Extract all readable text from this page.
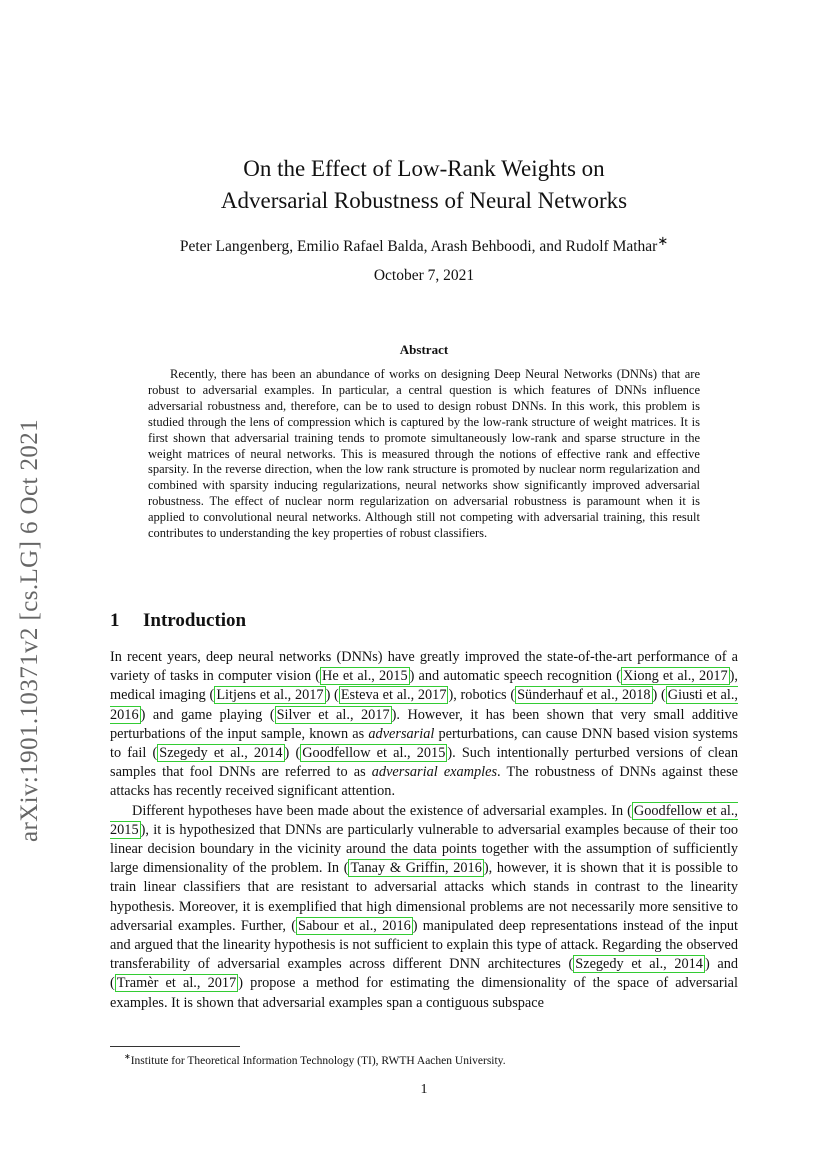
arXiv:1901.10371v2 [cs.LG] 6 Oct 2021
On the Effect of Low-Rank Weights on
Adversarial Robustness of Neural Networks
Peter Langenberg, Emilio Rafael Balda, Arash Behboodi, and Rudolf Mathar∗
October 7, 2021
Abstract
Recently, there has been an abundance of works on designing Deep Neural Networks (DNNs) that are robust to adversarial examples. In particular, a central question is which features of DNNs influence adversarial robustness and, therefore, can be to used to design robust DNNs. In this work, this problem is studied through the lens of compression which is captured by the low-rank structure of weight matrices. It is first shown that adversarial training tends to promote simultaneously low-rank and sparse structure in the weight matrices of neural networks. This is measured through the notions of effective rank and effective sparsity. In the reverse direction, when the low rank structure is promoted by nuclear norm regularization and combined with sparsity inducing regularizations, neural networks show significantly improved adversarial robustness. The effect of nuclear norm regularization on adversarial robustness is paramount when it is applied to convolutional neural networks. Although still not competing with adversarial training, this result contributes to understanding the key properties of robust classifiers.
1 Introduction

In recent years, deep neural networks (DNNs) have greatly improved the state-of-the-art performance of a variety of tasks in computer vision ( He et al., 2015 ) and automatic speech recognition ( Xiong et al., 2017 ), medical imaging ( Litjens et al., 2017 ) ( Esteva et al., 2017 ), robotics ( Sünderhauf et al., 2018 ) ( Giusti et al., 2016 ) and game playing ( Silver et al., 2017 ). However, it has been shown that very small additive perturbations of the input sample, known as adversarial perturbations, can cause DNN based vision systems to fail ( Szegedy et al., 2014 ) ( Goodfellow et al., 2015 ). Such intentionally perturbed versions of clean samples that fool DNNs are referred to as adversarial examples. The robustness of DNNs against these attacks has recently received significant attention.

Different hypotheses have been made about the existence of adversarial examples. In ( Goodfellow et al., 2015 ), it is hypothesized that DNNs are particularly vulnerable to adversarial examples because of their too linear decision boundary in the vicinity around the data points together with the assumption of sufficiently large dimensionality of the problem. In ( Tanay & Griffin, 2016 ), however, it is shown that it is possible to train linear classifiers that are resistant to adversarial attacks which stands in contrast to the linearity hypothesis. Moreover, it is exemplified that high dimensional problems are not necessarily more sensitive to adversarial examples. Further, ( Sabour et al., 2016 ) manipulated deep representations instead of the input and argued that the linearity hypothesis is not sufficient to explain this type of attack. Regarding the observed transferability of adversarial examples across different DNN architectures ( Szegedy et al., 2014 ) and ( Tramèr et al., 2017 ) propose a method for estimating the dimensionality of the space of adversarial examples. It is shown that adversarial examples span a contiguous subspace

∗Institute for Theoretical Information Technology (TI), RWTH Aachen University.
1
